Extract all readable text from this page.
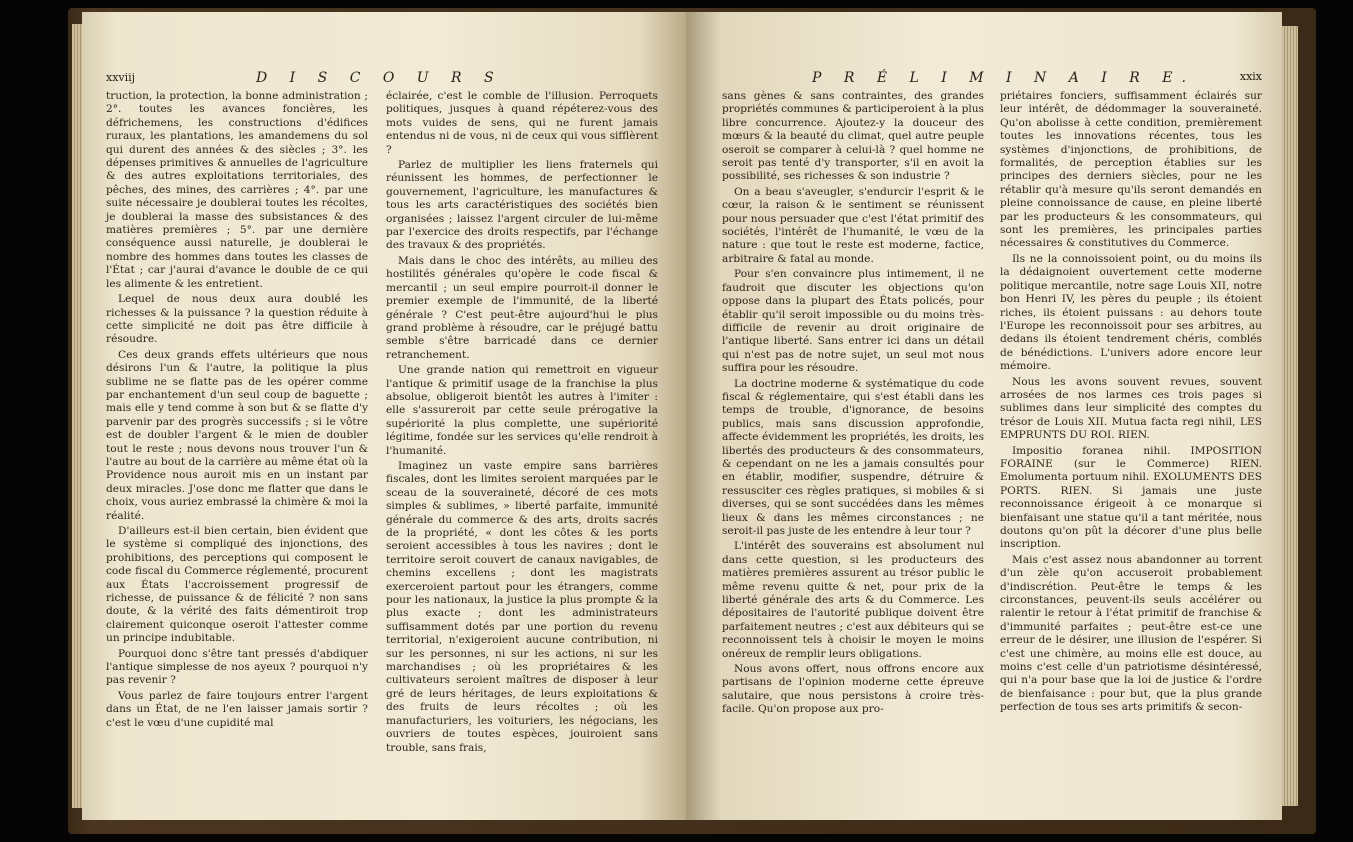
xxviij	D I S C O U R S

truction, la protection, la bonne administration ; 2°. toutes les avances foncières, les défrichemens, les constructions d'édifices ruraux, les plantations, les amandemens du sol qui durent des années & des siècles ; 3°. les dépenses primitives & annuelles de l'agriculture & des autres exploitations territoriales, des pêches, des mines, des carrières ; 4°. par une suite nécessaire je doublerai toutes les récoltes, je doublerai la masse des subsistances & des matières premières ; 5°. par une dernière conséquence aussi naturelle, je doublerai le nombre des hommes dans toutes les classes de l'État ; car j'aurai d'avance le double de ce qui les alimente & les entretient.

Lequel de nous deux aura doublé les richesses & la puissance ? la question réduite à cette simplicité ne doit pas être difficile à résoudre.

Ces deux grands effets ultérieurs que nous désirons l'un & l'autre, la politique la plus sublime ne se flatte pas de les opérer comme par enchantement d'un seul coup de baguette ; mais elle y tend comme à son but & se flatte d'y parvenir par des progrès successifs ; si le vôtre est de doubler l'argent & le mien de doubler tout le reste ; nous devons nous trouver l'un & l'autre au bout de la carrière au même état où la Providence nous auroit mis en un instant par deux miracles. J'ose donc me flatter que dans le choix, vous auriez embrassé la chimère & moi la réalité.

D'ailleurs est-il bien certain, bien évident que le système si compliqué des injonctions, des prohibitions, des perceptions qui composent le code fiscal du Commerce réglementé, procurent aux États l'accroissement progressif de richesse, de puissance & de félicité ? non sans doute, & la vérité des faits démentiroit trop clairement quiconque oseroit l'attester comme un principe indubitable.

Pourquoi donc s'être tant pressés d'abdiquer l'antique simplesse de nos ayeux ? pourquoi n'y pas revenir ?

Vous parlez de faire toujours entrer l'argent dans un État, de ne l'en laisser jamais sortir ? c'est le vœu d'une cupidité mal

éclairée, c'est le comble de l'illusion. Perroquets politiques, jusques à quand répéterez-vous des mots vuides de sens, qui ne furent jamais entendus ni de vous, ni de ceux qui vous sifflèrent ?

Parlez de multiplier les liens fraternels qui réunissent les hommes, de perfectionner le gouvernement, l'agriculture, les manufactures & tous les arts caractéristiques des sociétés bien organisées ; laissez l'argent circuler de lui-même par l'exercice des droits respectifs, par l'échange des travaux & des propriétés.

Mais dans le choc des intérêts, au milieu des hostilités générales qu'opère le code fiscal & mercantil ; un seul empire pourroit-il donner le premier exemple de l'immunité, de la liberté générale ? C'est peut-être aujourd'hui le plus grand problème à résoudre, car le préjugé battu semble s'être barricadé dans ce dernier retranchement.

Une grande nation qui remettroit en vigueur l'antique & primitif usage de la franchise la plus absolue, obligeroit bientôt les autres à l'imiter : elle s'assureroit par cette seule prérogative la supériorité la plus complette, une supériorité légitime, fondée sur les services qu'elle rendroit à l'humanité.

Imaginez un vaste empire sans barrières fiscales, dont les limites seroient marquées par le sceau de la souveraineté, décoré de ces mots simples & sublimes, » liberté parfaite, immunité générale du commerce & des arts, droits sacrés de la propriété, « dont les côtes & les ports seroient accessibles à tous les navires ; dont le territoire seroit couvert de canaux navigables, de chemins excellens ; dont les magistrats exerceroient partout pour les étrangers, comme pour les nationaux, la justice la plus prompte & la plus exacte ; dont les administrateurs suffisamment dotés par une portion du revenu territorial, n'exigeroient aucune contribution, ni sur les personnes, ni sur les actions, ni sur les marchandises ; où les propriétaires & les cultivateurs seroient maîtres de disposer à leur gré de leurs héritages, de leurs exploitations & des fruits de leurs récoltes ; où les manufacturiers, les voituriers, les négocians, les ouvriers de toutes espèces, jouiroient sans trouble, sans frais,

P R É L I M I N A I R E.	xxix

sans gènes & sans contraintes, des grandes propriétés communes & participeroient à la plus libre concurrence. Ajoutez-y la douceur des mœurs & la beauté du climat, quel autre peuple oseroit se comparer à celui-là ? quel homme ne seroit pas tenté d'y transporter, s'il en avoit la possibilité, ses richesses & son industrie ?

On a beau s'aveugler, s'endurcir l'esprit & le cœur, la raison & le sentiment se réunissent pour nous persuader que c'est l'état primitif des sociétés, l'intérêt de l'humanité, le vœu de la nature : que tout le reste est moderne, factice, arbitraire & fatal au monde.

Pour s'en convaincre plus intimement, il ne faudroit que discuter les objections qu'on oppose dans la plupart des États policés, pour établir qu'il seroit impossible ou du moins très-difficile de revenir au droit originaire de l'antique liberté. Sans entrer ici dans un détail qui n'est pas de notre sujet, un seul mot nous suffira pour les résoudre.

La doctrine moderne & systématique du code fiscal & réglementaire, qui s'est établi dans les temps de trouble, d'ignorance, de besoins publics, mais sans discussion approfondie, affecte évidemment les propriétés, les droits, les libertés des producteurs & des consommateurs, & cependant on ne les a jamais consultés pour en établir, modifier, suspendre, détruire & ressusciter ces règles pratiques, si mobiles & si diverses, qui se sont succédées dans les mêmes lieux & dans les mêmes circonstances ; ne seroit-il pas juste de les entendre à leur tour ?

L'intérêt des souverains est absolument nul dans cette question, si les producteurs des matières premières assurent au trésor public le même revenu quitte & net, pour prix de la liberté générale des arts & du Commerce. Les dépositaires de l'autorité publique doivent être parfaitement neutres ; c'est aux débiteurs qui se reconnoissent tels à choisir le moyen le moins onéreux de remplir leurs obligations.

Nous avons offert, nous offrons encore aux partisans de l'opinion moderne cette épreuve salutaire, que nous persistons à croire très-facile. Qu'on propose aux pro-

priétaires fonciers, suffisamment éclairés sur leur intérêt, de dédommager la souveraineté. Qu'on abolisse à cette condition, premièrement toutes les innovations récentes, tous les systèmes d'injonctions, de prohibitions, de formalités, de perception établies sur les principes des derniers siècles, pour ne les rétablir qu'à mesure qu'ils seront demandés en pleine connoissance de cause, en pleine liberté par les producteurs & les consommateurs, qui sont les premières, les principales parties nécessaires & constitutives du Commerce.

Ils ne la connoissoient point, ou du moins ils la dédaignoient ouvertement cette moderne politique mercantile, notre sage Louis XII, notre bon Henri IV, les pères du peuple ; ils étoient riches, ils étoient puissans : au dehors toute l'Europe les reconnoissoit pour ses arbitres, au dedans ils étoient tendrement chéris, comblés de bénédictions. L'univers adore encore leur mémoire.

Nous les avons souvent revues, souvent arrosées de nos larmes ces trois pages si sublimes dans leur simplicité des comptes du trésor de Louis XII. Mutua facta regi nihil, LES EMPRUNTS DU ROI. RIEN.

Impositio foranea nihil. IMPOSITION FORAINE (sur le Commerce) RIEN. Emolumenta portuum nihil. EXOLUMENTS DES PORTS. RIEN. Si jamais une juste reconnoissance érigeoit à ce monarque si bienfaisant une statue qu'il a tant méritée, nous doutons qu'on pût la décorer d'une plus belle inscription.

Mais c'est assez nous abandonner au torrent d'un zèle qu'on accuseroit probablement d'indiscrétion. Peut-être le temps & les circonstances, peuvent-ils seuls accélérer ou ralentir le retour à l'état primitif de franchise & d'immunité parfaites ; peut-être est-ce une erreur de le désirer, une illusion de l'espérer. Si c'est une chimère, au moins elle est douce, au moins c'est celle d'un patriotisme désintéressé, qui n'a pour base que la loi de justice & l'ordre de bienfaisance : pour but, que la plus grande perfection de tous ses arts primitifs & secon-
